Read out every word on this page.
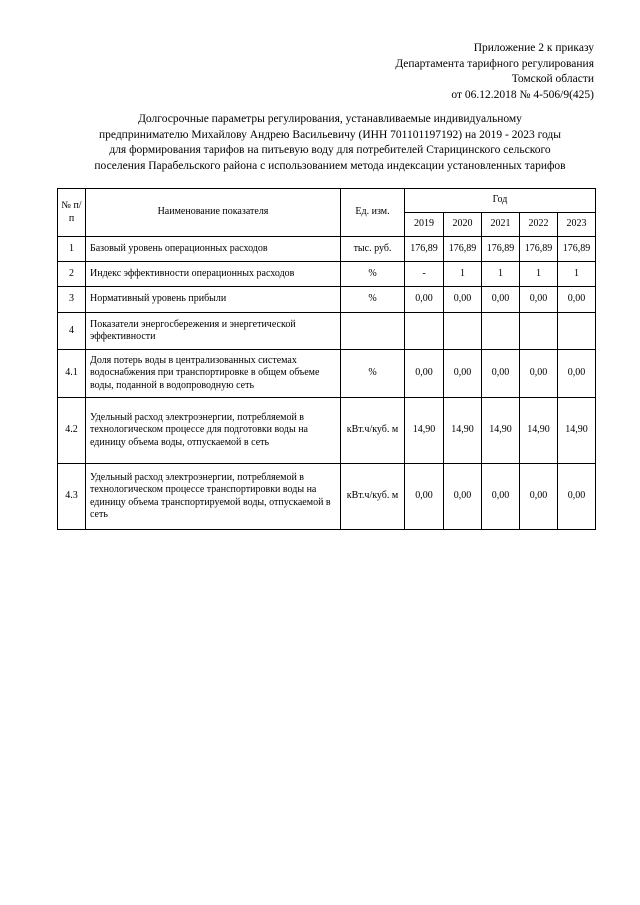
Приложение 2 к приказу
Департамента тарифного регулирования
Томской области
от 06.12.2018 № 4-506/9(425)
Долгосрочные параметры регулирования, устанавливаемые индивидуальному
предпринимателю Михайлову Андрею Васильевичу (ИНН 701101197192) на 2019 - 2023 годы
для формирования тарифов на питьевую воду для потребителей Старицинского сельского
поселения Парабельского района с использованием метода индексации установленных тарифов
№ п/п	Наименование показателя	Ед. изм.	Год				
			2019	2020	2021	2022	2023
1	Базовый уровень операционных расходов	тыс. руб.	176,89	176,89	176,89	176,89	176,89
2	Индекс эффективности операционных расходов	%	-	1	1	1	1
3	Нормативный уровень прибыли	%	0,00	0,00	0,00	0,00	0,00
4	Показатели энергосбережения и энергетической эффективности						
4.1	Доля потерь воды в централизованных системах водоснабжения при транспортировке в общем объеме воды, поданной в водопроводную сеть	%	0,00	0,00	0,00	0,00	0,00
4.2	Удельный расход электроэнергии, потребляемой в технологическом процессе для подготовки воды на единицу объема воды, отпускаемой в сеть	кВт.ч/куб. м	14,90	14,90	14,90	14,90	14,90
4.3	Удельный расход электроэнергии, потребляемой в технологическом процессе транспортировки воды на единицу объема транспортируемой воды, отпускаемой в сеть	кВт.ч/куб. м	0,00	0,00	0,00	0,00	0,00
